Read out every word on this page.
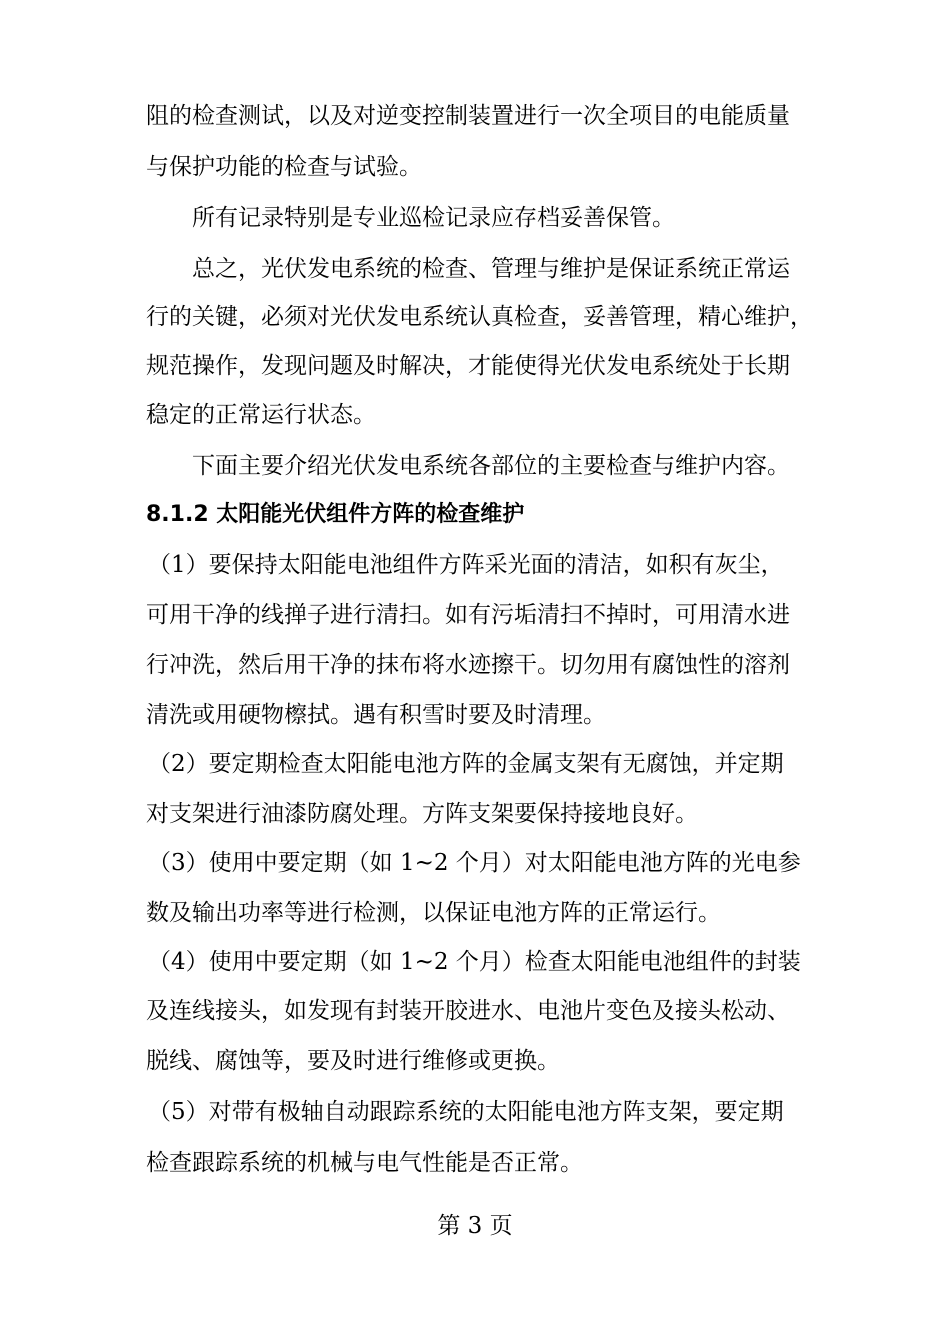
阻的检查测试，以及对逆变控制装置进行一次全项目的电能质量
与保护功能的检查与试验。
所有记录特别是专业巡检记录应存档妥善保管。
总之，光伏发电系统的检查、管理与维护是保证系统正常运
行的关键，必须对光伏发电系统认真检查，妥善管理，精心维护，
规范操作，发现问题及时解决，才能使得光伏发电系统处于长期
稳定的正常运行状态。
下面主要介绍光伏发电系统各部位的主要检查与维护内容。
8.1.2 太阳能光伏组件方阵的检查维护
（1）要保持太阳能电池组件方阵采光面的清洁，如积有灰尘，
可用干净的线掸子进行清扫。如有污垢清扫不掉时，可用清水进
行冲洗，然后用干净的抹布将水迹擦干。切勿用有腐蚀性的溶剂
清洗或用硬物檫拭。遇有积雪时要及时清理。
（2）要定期检查太阳能电池方阵的金属支架有无腐蚀，并定期
对支架进行油漆防腐处理。方阵支架要保持接地良好。
（3）使用中要定期（如 1~2 个月）对太阳能电池方阵的光电参
数及输出功率等进行检测，以保证电池方阵的正常运行。
（4）使用中要定期（如 1~2 个月）检查太阳能电池组件的封装
及连线接头，如发现有封装开胶进水、电池片变色及接头松动、
脱线、腐蚀等，要及时进行维修或更换。
（5）对带有极轴自动跟踪系统的太阳能电池方阵支架，要定期
检查跟踪系统的机械与电气性能是否正常。
第 3 页
